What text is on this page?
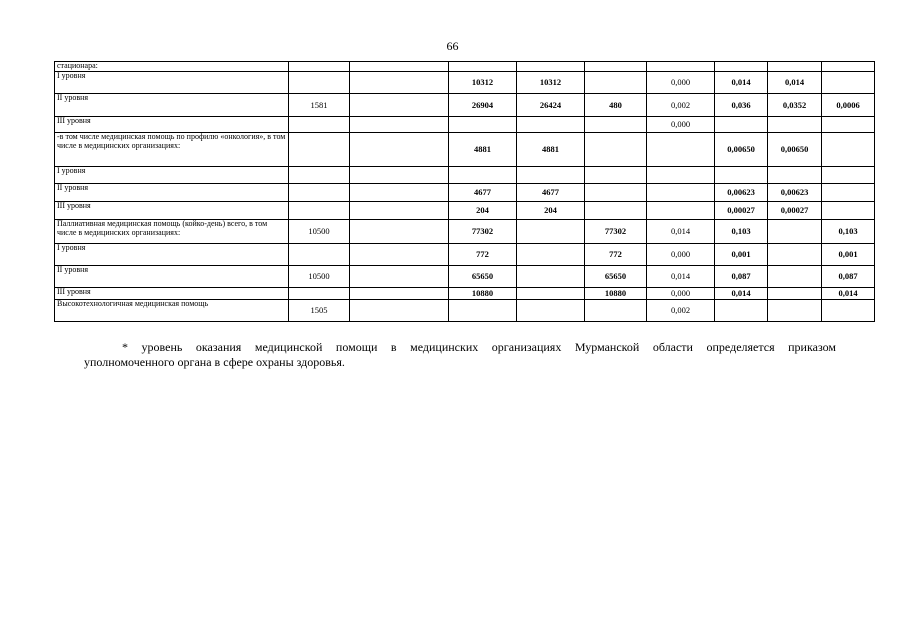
66
стационара:									
I уровня			10312	10312		0,000	0,014	0,014	
II уровня	1581		26904	26424	480	0,002	0,036	0,0352	0,0006
III уровня						0,000			
-в том числе медицинская помощь по профилю «онкология», в том числе в медицинских организациях:			4881	4881			0,00650	0,00650	
I уровня									
II уровня			4677	4677			0,00623	0,00623	
III уровня			204	204			0,00027	0,00027	
Паллиативная медицинская помощь (койко-день) всего, в том числе в медицинских организациях:	10500		77302		77302	0,014	0,103		0,103
I уровня			772		772	0,000	0,001		0,001
II уровня	10500		65650		65650	0,014	0,087		0,087
III уровня			10880		10880	0,000	0,014		0,014
Высокотехнологичная медицинская помощь	1505					0,002			
* уровень оказания медицинской помощи в медицинских организациях Мурманской области определяется приказом
уполномоченного органа в сфере охраны здоровья.
